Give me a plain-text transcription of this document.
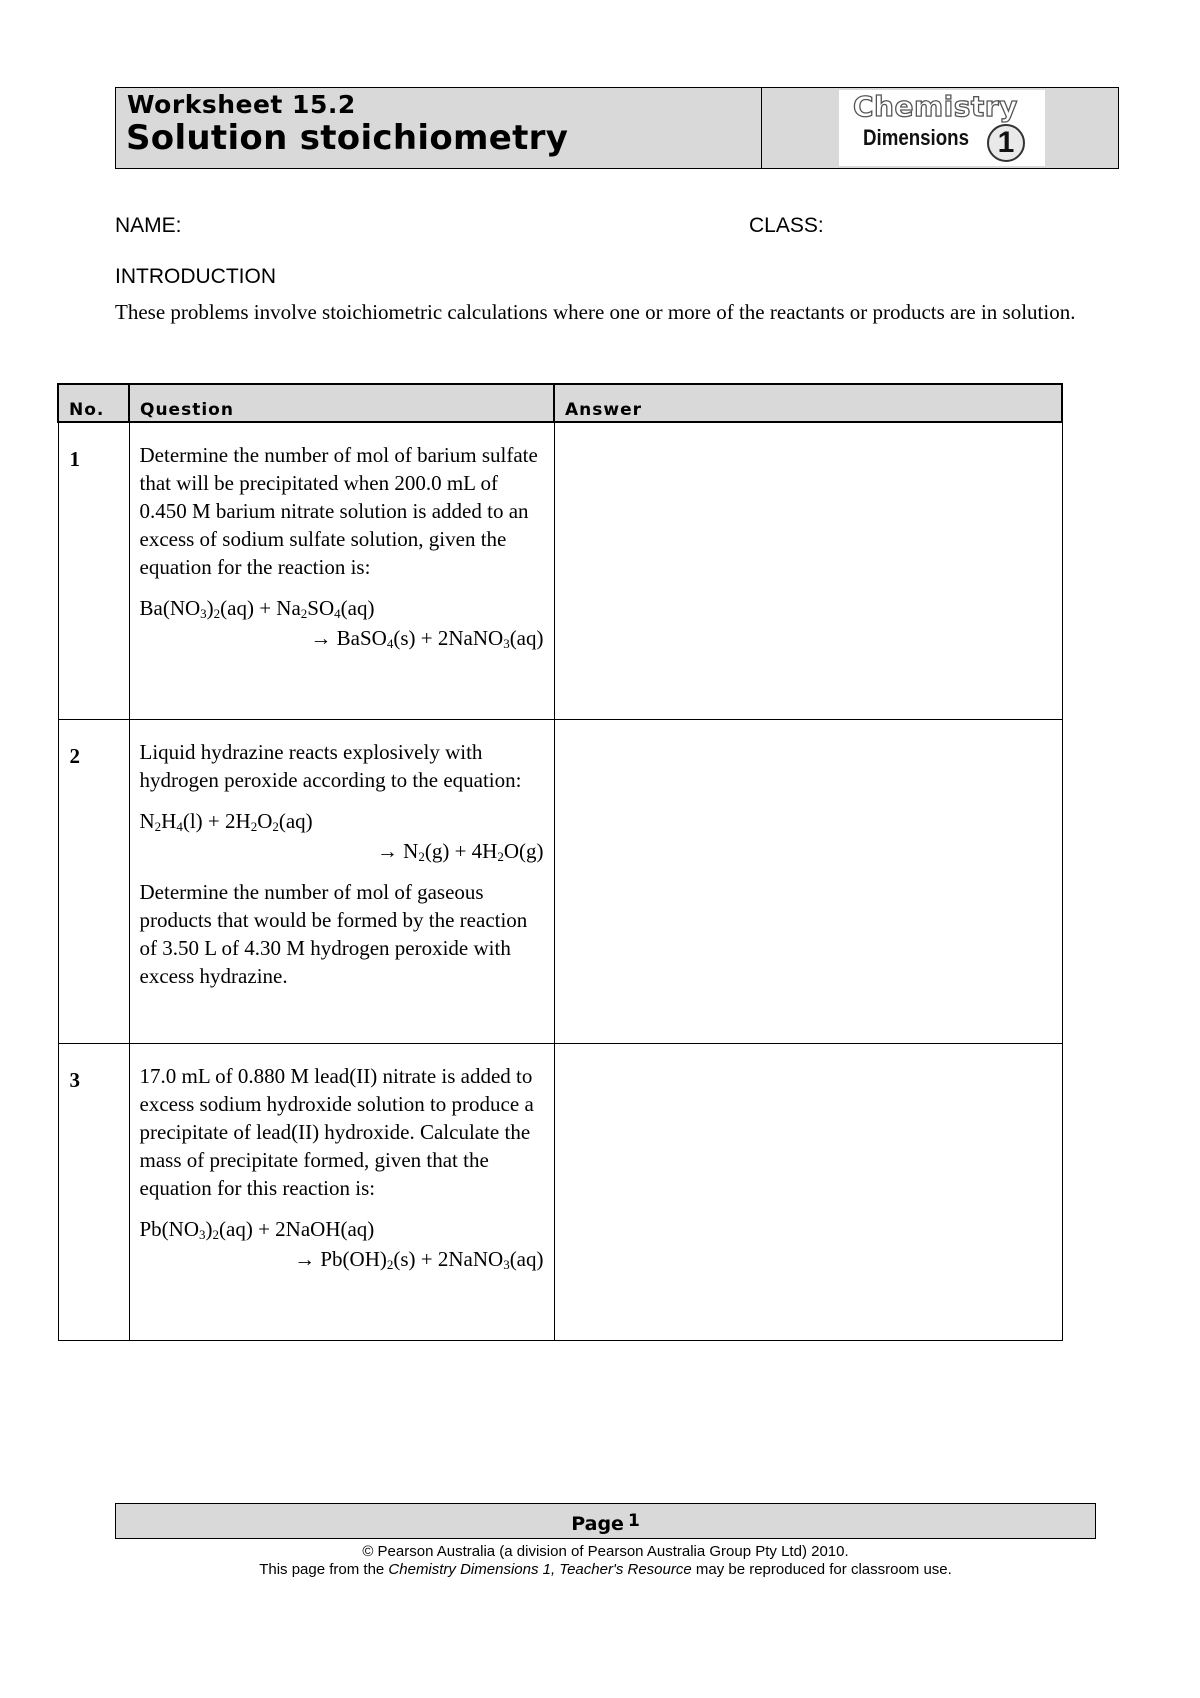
Worksheet 15.2
Solution stoichiometry
Chemistry
Dimensions 1
NAME:	CLASS:
INTRODUCTION
These problems involve stoichiometric calculations where one or more of the reactants or products are in solution.
No.	Question	Answer
1	Determine the number of mol of barium sulfate that will be precipitated when 200.0 mL of 0.450 M barium nitrate solution is added to an excess of sodium sulfate solution, given the equation for the reaction is:

$Ba(NO_3)_2(aq) + Na_2SO_4(aq)$
→ BaSO$_4$(s) + 2NaNO$_3$(aq)	

2	Liquid hydrazine reacts explosively with hydrogen peroxide according to the equation:

$N_2H_4(l) + 2H_2O_2(aq)$
→ $N_2(g) + 4H_2O(g)$

Determine the number of mol of gaseous products that would be formed by the reaction of 3.50 L of 4.30 M hydrogen peroxide with excess hydrazine.	

3	17.0 mL of 0.880 M lead(II) nitrate is added to excess sodium hydroxide solution to produce a precipitate of lead(II) hydroxide. Calculate the mass of precipitate formed, given that the equation for this reaction is:

$Pb(NO_3)_2(aq)$ + 2NaOH(aq)
→ $Pb(OH)_2(s)$ + 2NaNO$_3$(aq)	

Page 1
© Pearson Australia (a division of Pearson Australia Group Pty Ltd) 2010.
This page from the Chemistry Dimensions 1, Teacher's Resource may be reproduced for classroom use.
